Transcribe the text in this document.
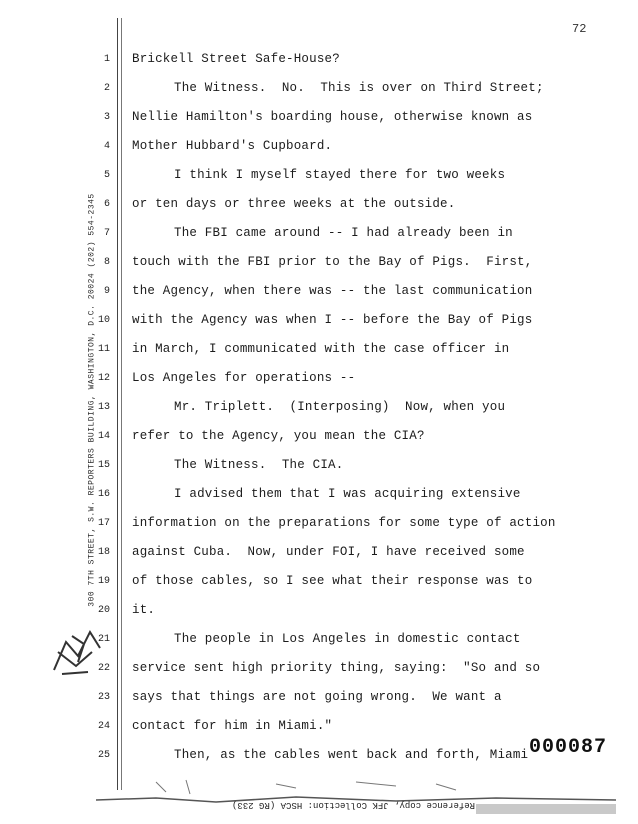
72
300 7TH STREET, S.W. REPORTERS BUILDING, WASHINGTON, D.C. 20024 (202) 554-2345
1 Brickell Street Safe-House?
2	The Witness.  No.  This is over on Third Street;
3 Nellie Hamilton's boarding house, otherwise known as
4 Mother Hubbard's Cupboard.
5	I think I myself stayed there for two weeks
6 or ten days or three weeks at the outside.
7	The FBI came around -- I had already been in
8 touch with the FBI prior to the Bay of Pigs.  First,
9 the Agency, when there was -- the last communication
10 with the Agency was when I -- before the Bay of Pigs
11 in March, I communicated with the case officer in
12 Los Angeles for operations --
13	Mr. Triplett.  (Interposing)  Now, when you
14 refer to the Agency, you mean the CIA?
15	The Witness.  The CIA.
16	I advised them that I was acquiring extensive
17 information on the preparations for some type of action
18 against Cuba.  Now, under FOI, I have received some
19 of those cables, so I see what their response was to
20 it.
21	The people in Los Angeles in domestic contact
22 service sent high priority thing, saying:  "So and so
23 says that things are not going wrong.  We want a
24 contact for him in Miami."
25	Then, as the cables went back and forth, Miami 000087
Reference copy, JFK Collection: HSCA (RG 233)
